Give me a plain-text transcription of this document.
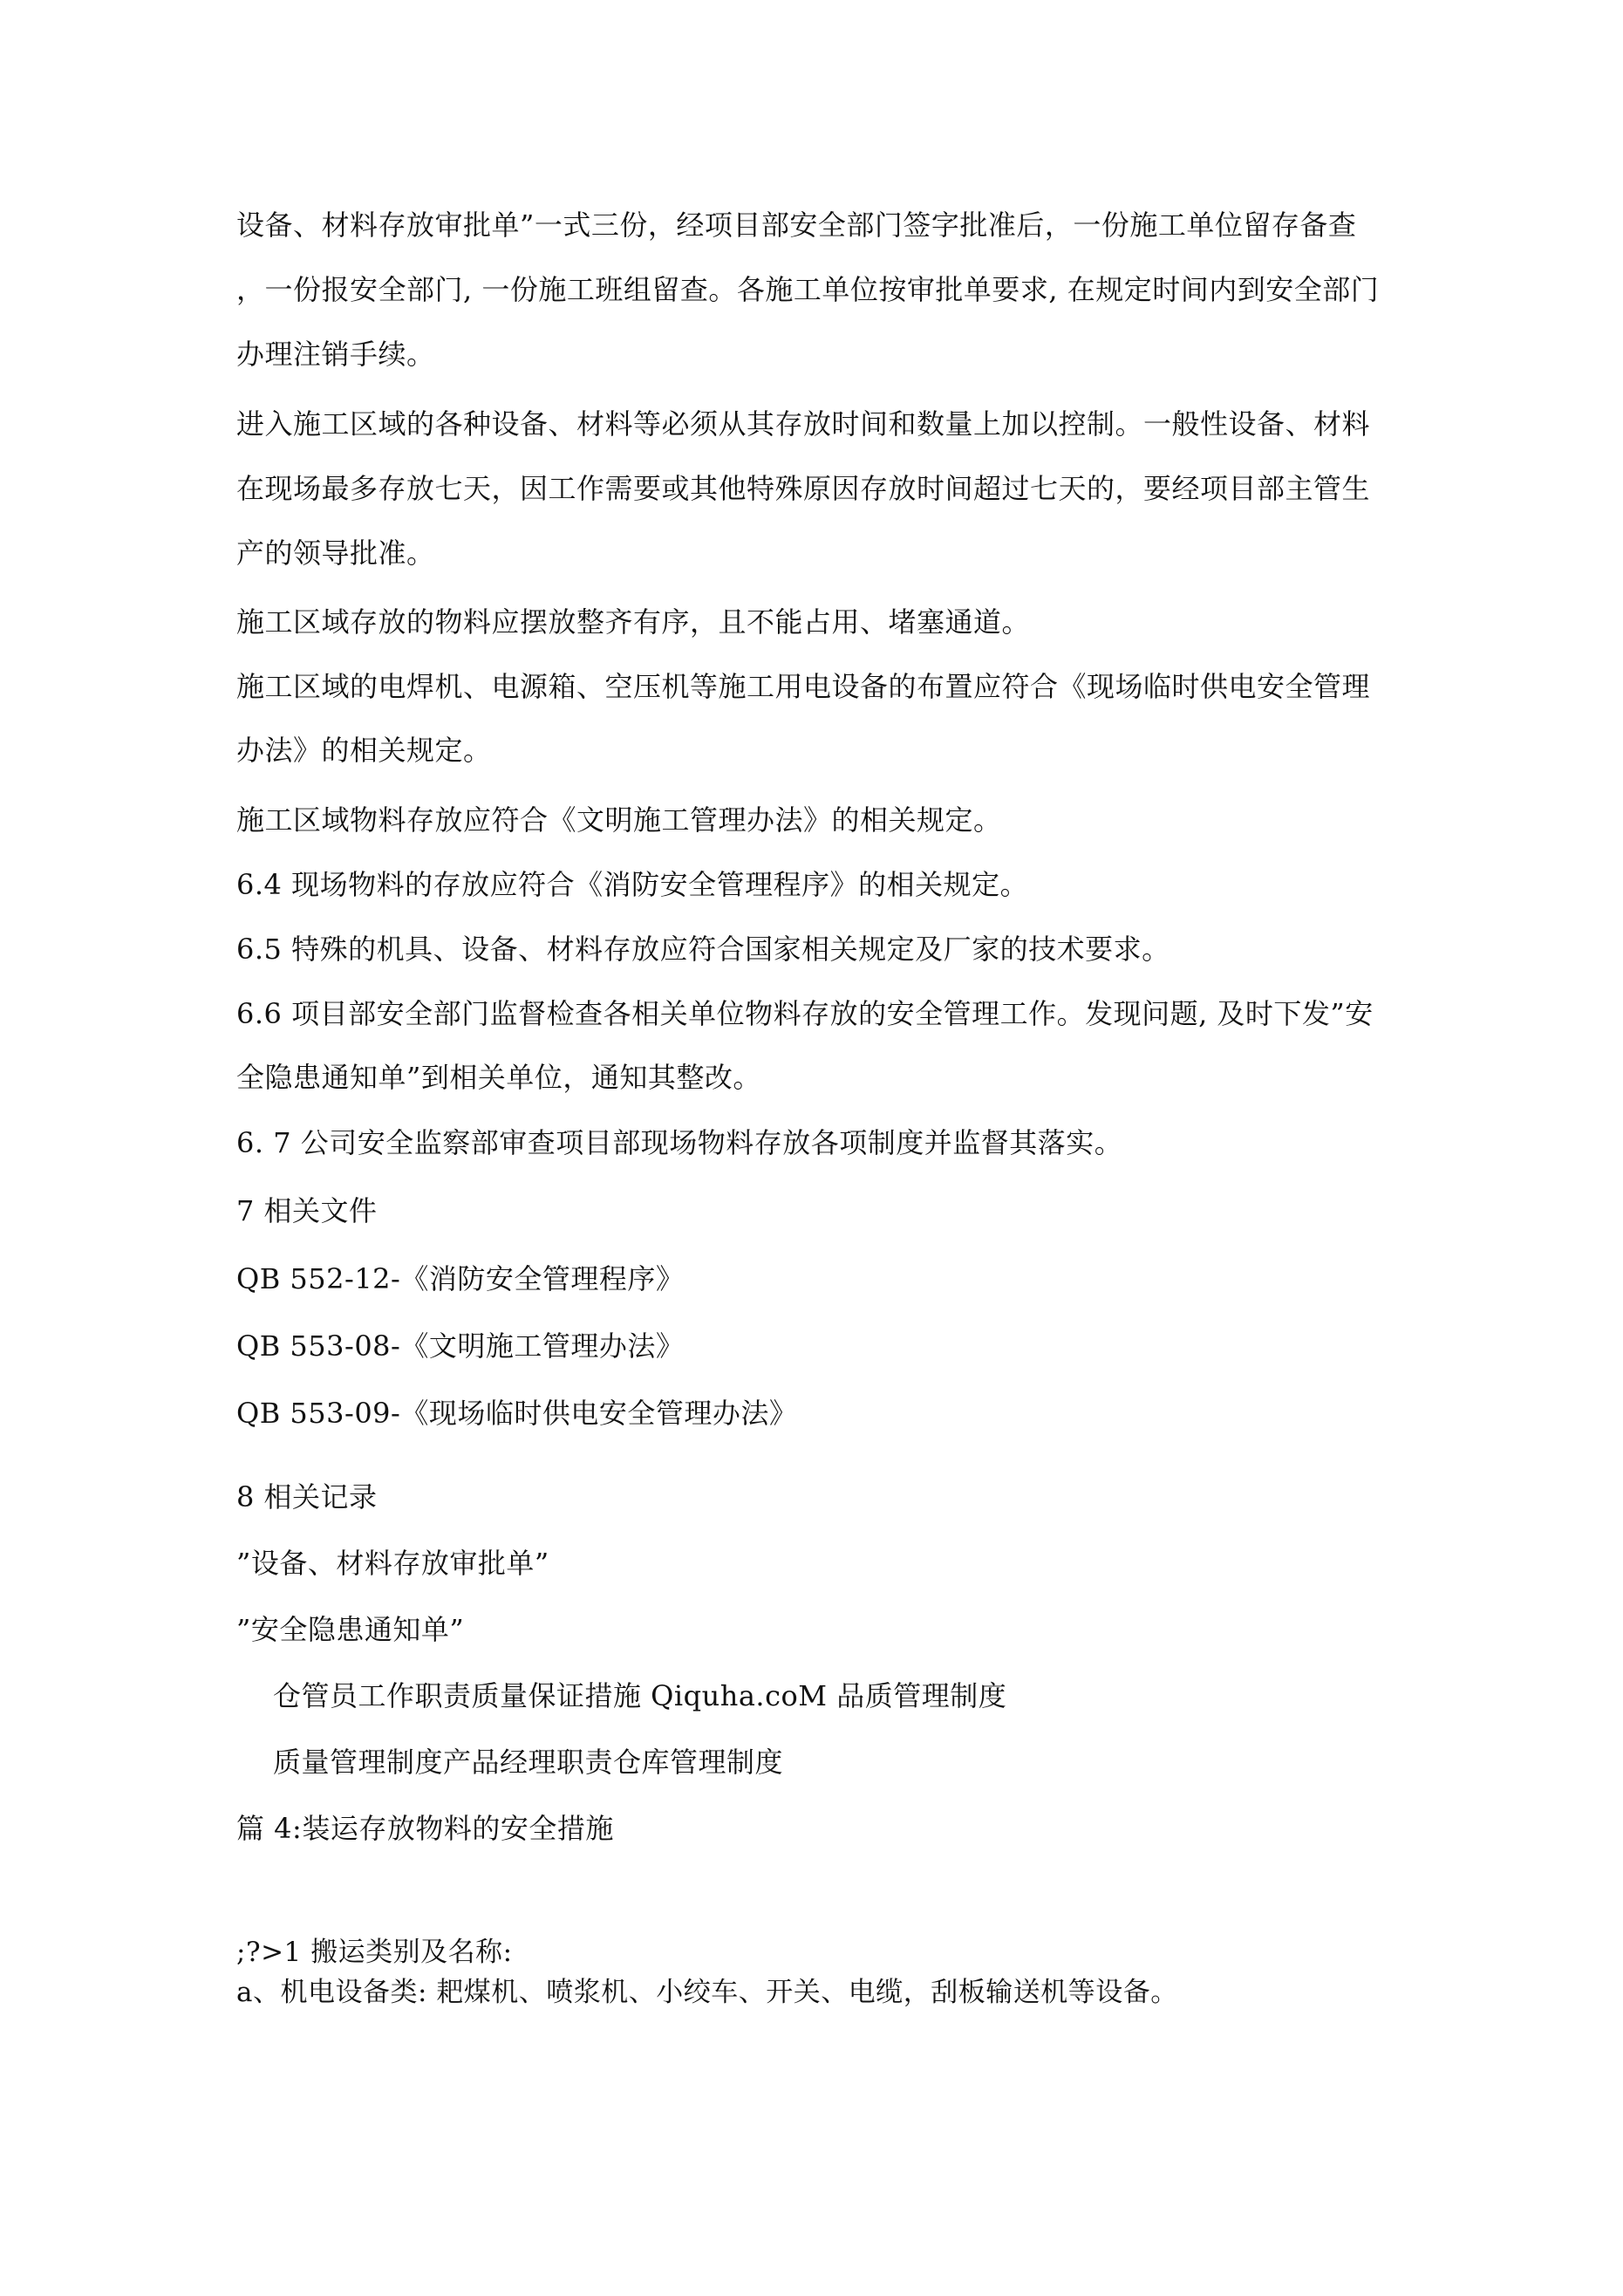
设备、材料存放审批单”一式三份，经项目部安全部门签字批准后，一份施工单位留存备查
，一份报安全部门, 一份施工班组留查。各施工单位按审批单要求, 在规定时间内到安全部门
办理注销手续。
进入施工区域的各种设备、材料等必须从其存放时间和数量上加以控制。一般性设备、材料
在现场最多存放七天，因工作需要或其他特殊原因存放时间超过七天的，要经项目部主管生
产的领导批准。
施工区域存放的物料应摆放整齐有序，且不能占用、堵塞通道。
施工区域的电焊机、电源箱、空压机等施工用电设备的布置应符合《现场临时供电安全管理
办法》的相关规定。
施工区域物料存放应符合《文明施工管理办法》的相关规定。
6.4 现场物料的存放应符合《消防安全管理程序》的相关规定。
6.5 特殊的机具、设备、材料存放应符合国家相关规定及厂家的技术要求。
6.6 项目部安全部门监督检查各相关单位物料存放的安全管理工作。发现问题, 及时下发”安
全隐患通知单”到相关单位，通知其整改。
6. 7 公司安全监察部审查项目部现场物料存放各项制度并监督其落实。
7 相关文件
QB 552-12-《消防安全管理程序》
QB 553-08-《文明施工管理办法》
QB 553-09-《现场临时供电安全管理办法》
8 相关记录
”设备、材料存放审批单”
”安全隐患通知单”
仓管员工作职责质量保证措施 Qiquha.coM 品质管理制度
质量管理制度产品经理职责仓库管理制度
篇 4:装运存放物料的安全措施
;?>1 搬运类别及名称:
a、机电设备类: 耙煤机、喷浆机、小绞车、开关、电缆，刮板输送机等设备。
